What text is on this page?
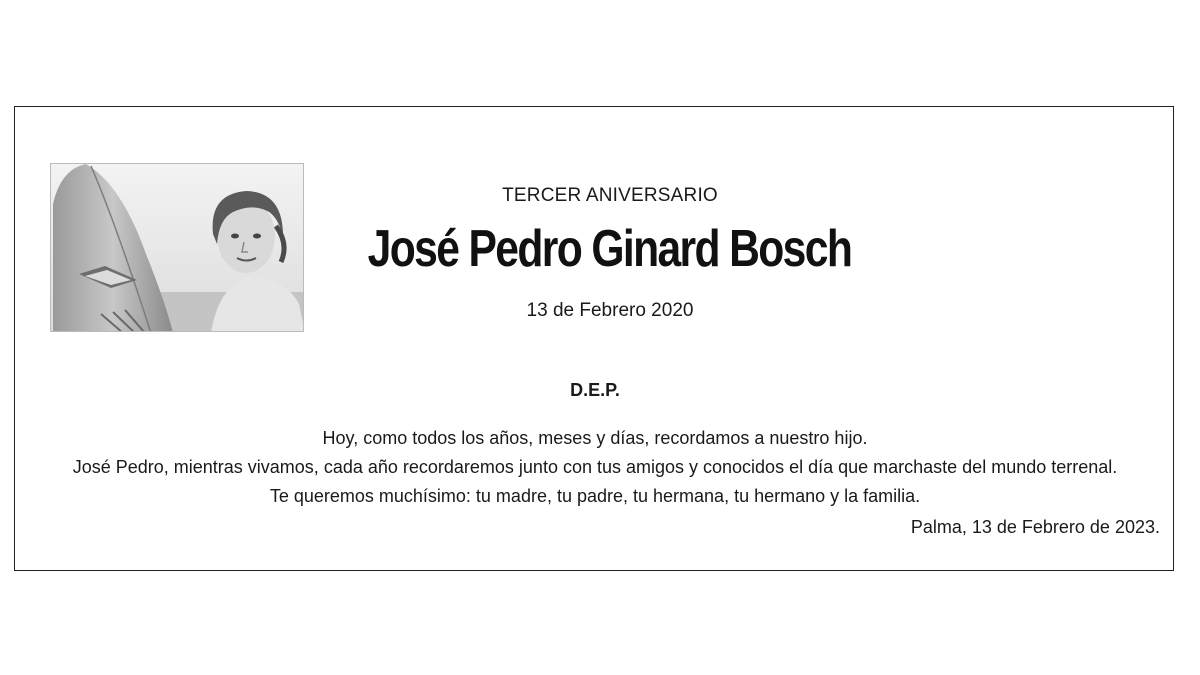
TERCER ANIVERSARIO
José Pedro Ginard Bosch
13 de Febrero 2020
D.E.P.
Hoy, como todos los años, meses y días, recordamos a nuestro hijo.
José Pedro, mientras vivamos, cada año recordaremos junto con tus amigos y conocidos el día que marchaste del mundo terrenal.
Te queremos muchísimo: tu madre, tu padre, tu hermana, tu hermano y la familia.
Palma, 13 de Febrero de 2023.
